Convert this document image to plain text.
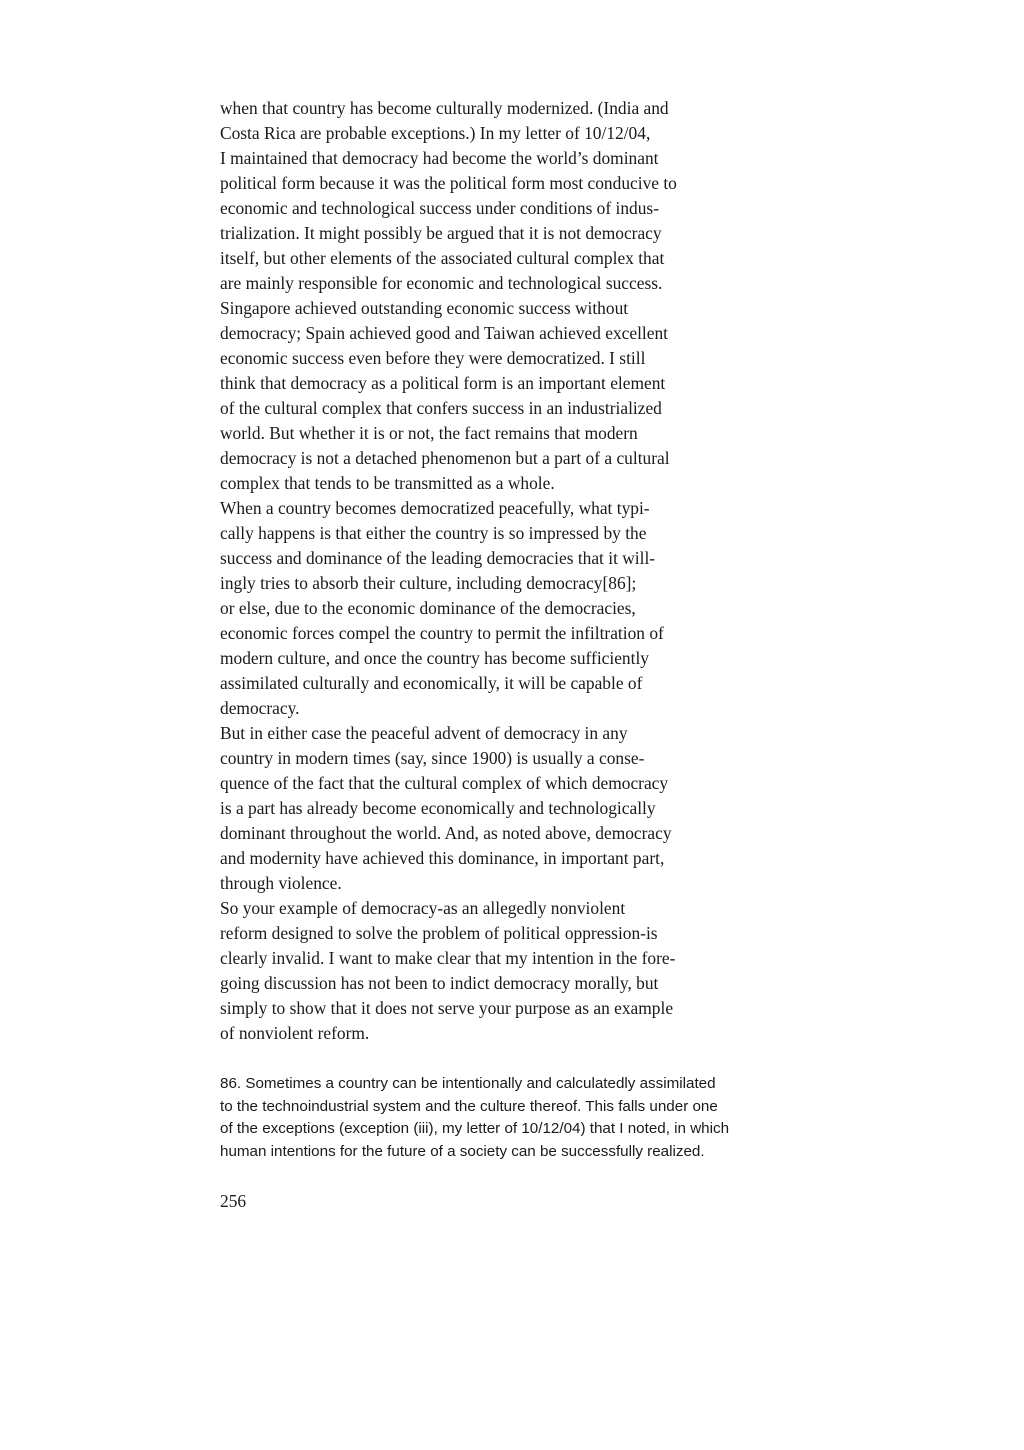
when that country has become culturally modernized. (India and
Costa Rica are probable exceptions.) In my letter of 10/12/04,
I maintained that democracy had become the world’s dominant
political form because it was the political form most conducive to
economic and technological success under conditions of indus-
trialization. It might possibly be argued that it is not democracy
itself, but other elements of the associated cultural complex that
are mainly responsible for economic and technological success.
Singapore achieved outstanding economic success without
democracy; Spain achieved good and Taiwan achieved excellent
economic success even before they were democratized. I still
think that democracy as a political form is an important element
of the cultural complex that confers success in an industrialized
world. But whether it is or not, the fact remains that modern
democracy is not a detached phenomenon but a part of a cultural
complex that tends to be transmitted as a whole.
When a country becomes democratized peacefully, what typi-
cally happens is that either the country is so impressed by the
success and dominance of the leading democracies that it will-
ingly tries to absorb their culture, including democracy[86];
or else, due to the economic dominance of the democracies,
economic forces compel the country to permit the infiltration of
modern culture, and once the country has become sufficiently
assimilated culturally and economically, it will be capable of
democracy.
But in either case the peaceful advent of democracy in any
country in modern times (say, since 1900) is usually a conse-
quence of the fact that the cultural complex of which democracy
is a part has already become economically and technologically
dominant throughout the world. And, as noted above, democracy
and modernity have achieved this dominance, in important part,
through violence.
So your example of democracy-as an allegedly nonviolent
reform designed to solve the problem of political oppression-is
clearly invalid. I want to make clear that my intention in the fore-
going discussion has not been to indict democracy morally, but
simply to show that it does not serve your purpose as an example
of nonviolent reform.
86. Sometimes a country can be intentionally and calculatedly assimilated
to the technoindustrial system and the culture thereof. This falls under one
of the exceptions (exception (iii), my letter of 10/12/04) that I noted, in which
human intentions for the future of a society can be successfully realized.
256
